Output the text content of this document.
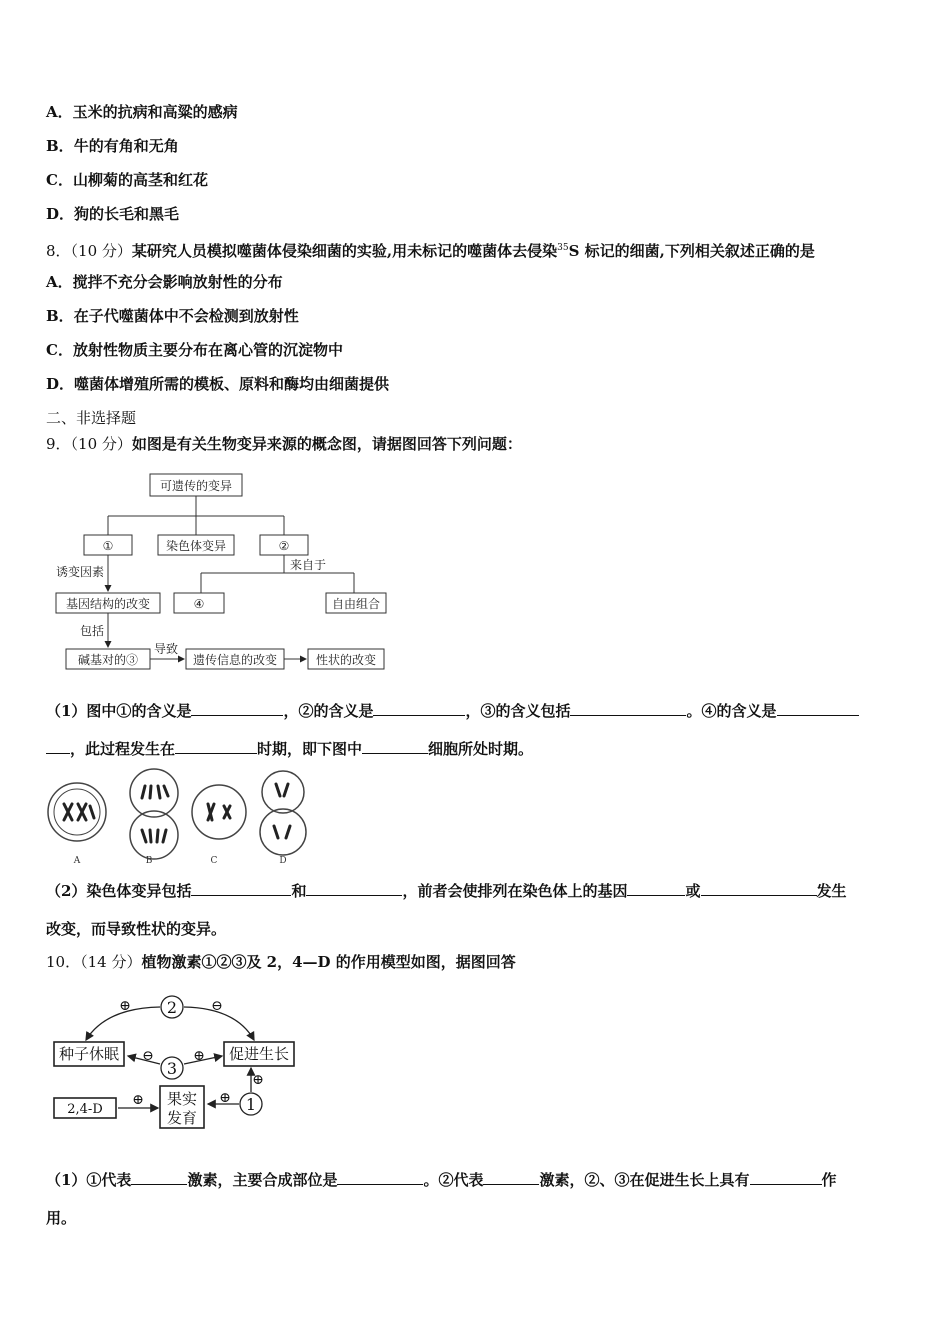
A．玉米的抗病和高粱的感病
B．牛的有角和无角
C．山柳菊的高茎和红花
D．狗的长毛和黑毛
8．（10 分）某研究人员模拟噬菌体侵染细菌的实验,用未标记的噬菌体去侵染$^{35}$S 标记的细菌,下列相关叙述正确的是
A．搅拌不充分会影响放射性的分布
B．在子代噬菌体中不会检测到放射性
C．放射性物质主要分布在离心管的沉淀物中
D．噬菌体增殖所需的模板、原料和酶均由细菌提供
二、非选择题
9．（10 分）如图是有关生物变异来源的概念图，请据图回答下列问题：
可遗传的变异
①	染色体变异	②
诱变因素	来自于
④	自由组合
基因结构的改变
包括
碱基对的③
导致
遗传信息的改变	性状的改变
（1）图中①的含义是	，②的含义是	，③的含义包括	。④的含义是
，此过程发生在	时期，即下图中	细胞所处时期。
A	B	C	D
（2）染色体变异包括	和	，前者会使排列在染色体上的基因	或	发生
改变，而导致性状的变异。
10．（14 分）植物激素①②③及 2，4—D 的作用模型如图，据图回答
2
3
1
种子休眠	促进生长
2,4-D
果实
发育
⊕	⊖
⊖	⊕
⊕
⊕
⊕
（1）①代表	激素，主要合成部位是	。②代表	激素，②、③在促进生长上具有	作
用。
